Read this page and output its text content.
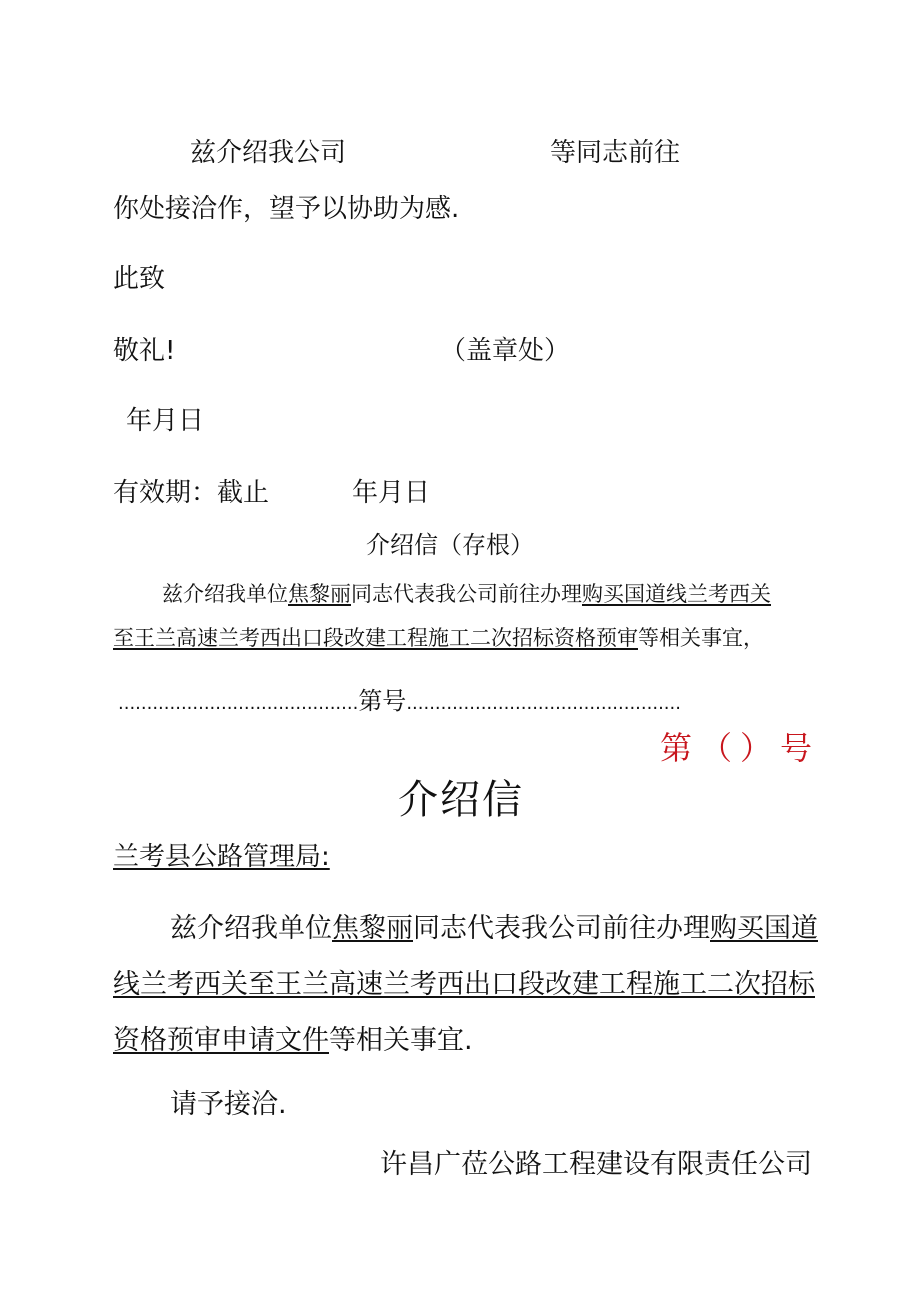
兹介绍我公司	等同志前往
你处接洽作，望予以协助为感.
此致
敬礼!	（盖章处）
年月日
有效期：截止	年月日
介绍信（存根）
兹介绍我单位焦黎丽同志代表我公司前往办理购买国道线兰考西关
至王兰高速兰考西出口段改建工程施工二次招标资格预审等相关事宜，
..........................................第号................................................
第（）号
介绍信
兰考县公路管理局:
兹介绍我单位焦黎丽同志代表我公司前往办理购买国道
线兰考西关至王兰高速兰考西出口段改建工程施工二次招标
资格预审申请文件等相关事宜.
请予接洽.
许昌广莅公路工程建设有限责任公司
